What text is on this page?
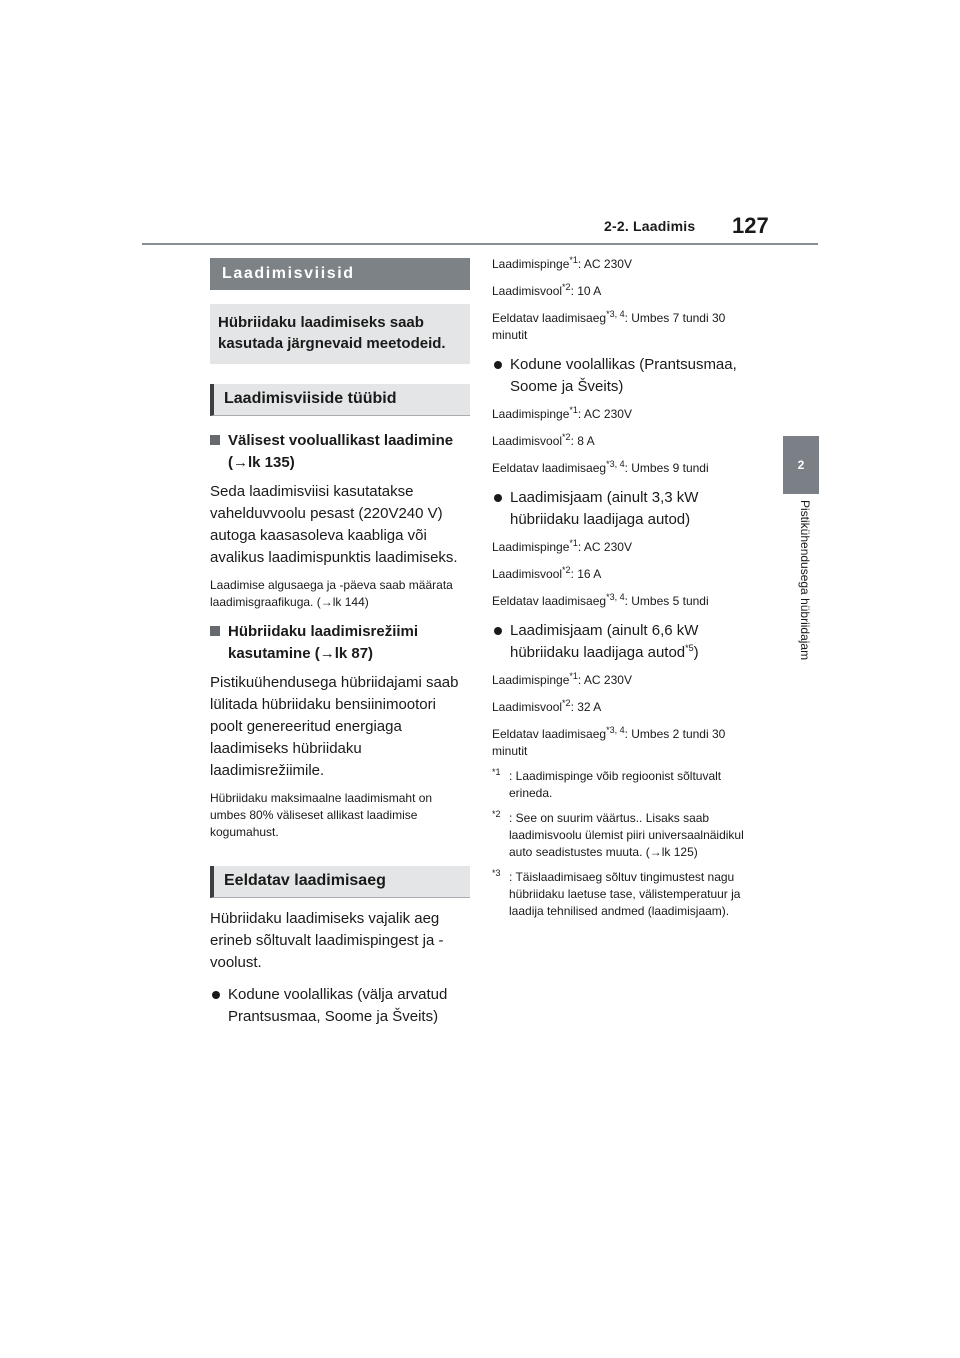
2-2. Laadimis 127
2
Pistikühendusega hübriidajam
Laadimisviisid
Hübriidaku laadimiseks saab kasutada järgnevaid meetodeid.
Laadimisviiside tüübid
Välisest vooluallikast laadimine (→lk 135)

Seda laadimisviisi kasutatakse vahelduvvoolu pesast (220V240 V) autoga kaasasoleva kaabliga või avalikus laadimispunktis laadimiseks.

Laadimise algusaega ja -päeva saab määrata laadimisgraafikuga. (→lk 144)

Hübriidaku laadimisrežiimi kasutamine (→lk 87)

Pistikuühendusega hübriidajami saab lülitada hübriidaku bensiinimootori poolt genereeritud energiaga laadimiseks hübriidaku laadimisrežiimile.

Hübriidaku maksimaalne laadimismaht on umbes 80% väliseset allikast laadimise kogumahust.

Eeldatav laadimisaeg

Hübriidaku laadimiseks vajalik aeg erineb sõltuvalt laadimispingest ja -voolust.

Kodune voolallikas (välja arvatud Prantsusmaa, Soome ja Šveits)

Laadimispinge$^{*1}$: AC 230V

Laadimisvool$^{*2}$: 10 A

Eeldatav laadimisaeg$^{*3, 4}$: Umbes 7 tundi 30 minutit

Kodune voolallikas (Prantsusmaa, Soome ja Šveits)

Laadimispinge$^{*1}$: AC 230V

Laadimisvool$^{*2}$: 8 A

Eeldatav laadimisaeg$^{*3, 4}$: Umbes 9 tundi

Laadimisjaam (ainult 3,3 kW hübriidaku laadijaga autod)

Laadimispinge$^{*1}$: AC 230V

Laadimisvool$^{*2}$: 16 A

Eeldatav laadimisaeg$^{*3, 4}$: Umbes 5 tundi

Laadimisjaam (ainult 6,6 kW hübriidaku laadijaga autod$^{*5}$)

Laadimispinge$^{*1}$: AC 230V

Laadimisvool$^{*2}$: 32 A

Eeldatav laadimisaeg$^{*3, 4}$: Umbes 2 tundi 30 minutit

$^{*1}$ : Laadimispinge võib regioonist sõltuvalt erineda.
$^{*2}$ : See on suurim väärtus.. Lisaks saab laadimisvoolu ülemist piiri universaalnäidikul auto seadistustes muuta. (→lk 125)
$^{*3}$ : Täislaadimisaeg sõltuv tingimustest nagu hübriidaku laetuse tase, välistemperatuur ja laadija tehnilised andmed (laadimisjaam).
